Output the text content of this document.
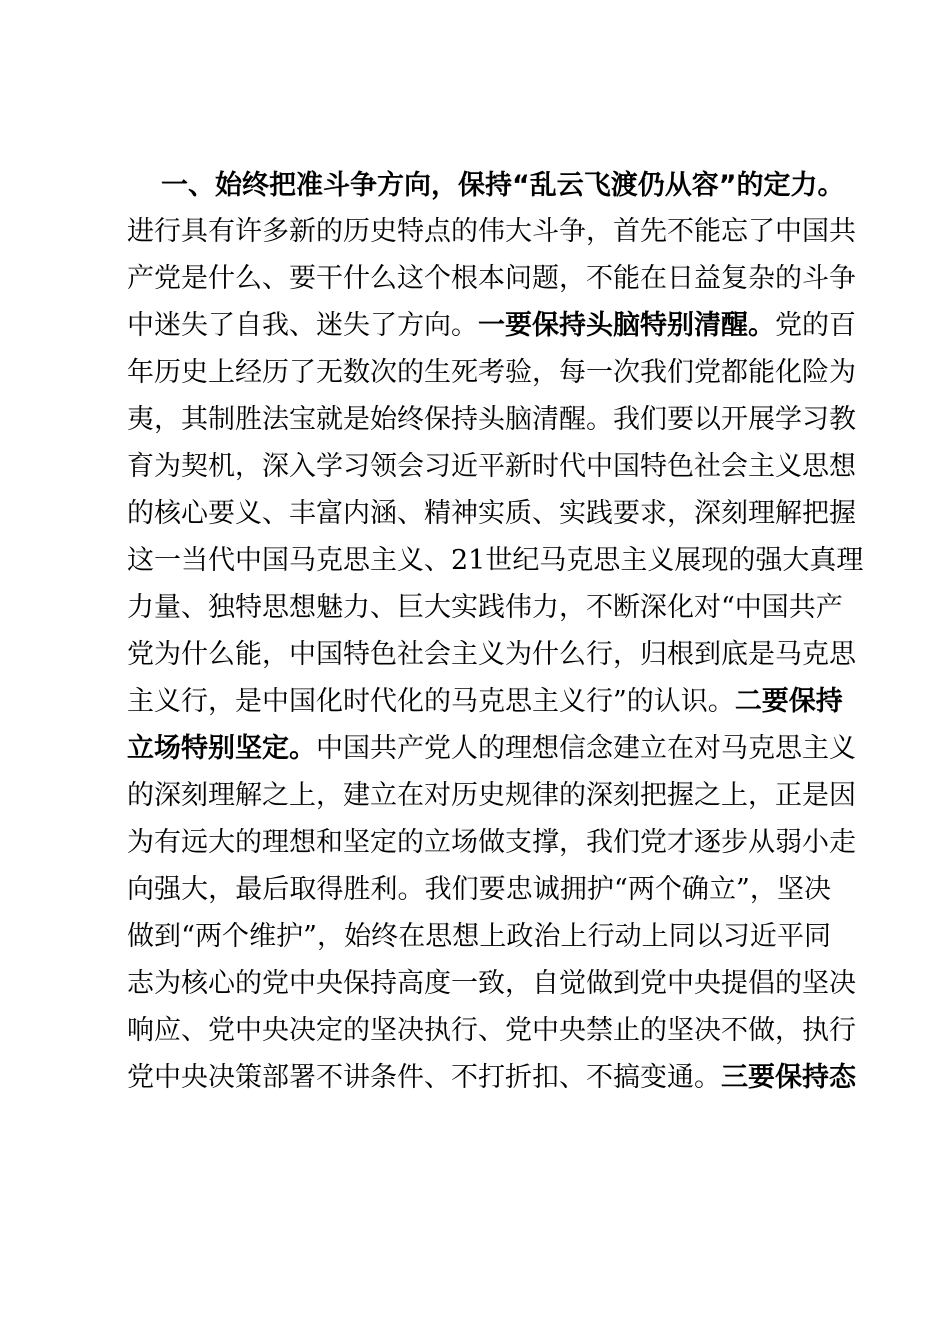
一、始终把准斗争方向，保持“乱云飞渡仍从容”的定力。
进行具有许多新的历史特点的伟大斗争，首先不能忘了中国共
产党是什么、要干什么这个根本问题，不能在日益复杂的斗争
中迷失了自我、迷失了方向。一要保持头脑特别清醒。党的百
年历史上经历了无数次的生死考验，每一次我们党都能化险为
夷，其制胜法宝就是始终保持头脑清醒。我们要以开展学习教
育为契机，深入学习领会习近平新时代中国特色社会主义思想
的核心要义、丰富内涵、精神实质、实践要求，深刻理解把握
这一当代中国马克思主义、21世纪马克思主义展现的强大真理
力量、独特思想魅力、巨大实践伟力，不断深化对“中国共产
党为什么能，中国特色社会主义为什么行，归根到底是马克思
主义行，是中国化时代化的马克思主义行”的认识。二要保持
立场特别坚定。中国共产党人的理想信念建立在对马克思主义
的深刻理解之上，建立在对历史规律的深刻把握之上，正是因
为有远大的理想和坚定的立场做支撑，我们党才逐步从弱小走
向强大，最后取得胜利。我们要忠诚拥护“两个确立”，坚决
做到“两个维护”，始终在思想上政治上行动上同以习近平同
志为核心的党中央保持高度一致，自觉做到党中央提倡的坚决
响应、党中央决定的坚决执行、党中央禁止的坚决不做，执行
党中央决策部署不讲条件、不打折扣、不搞变通。三要保持态
